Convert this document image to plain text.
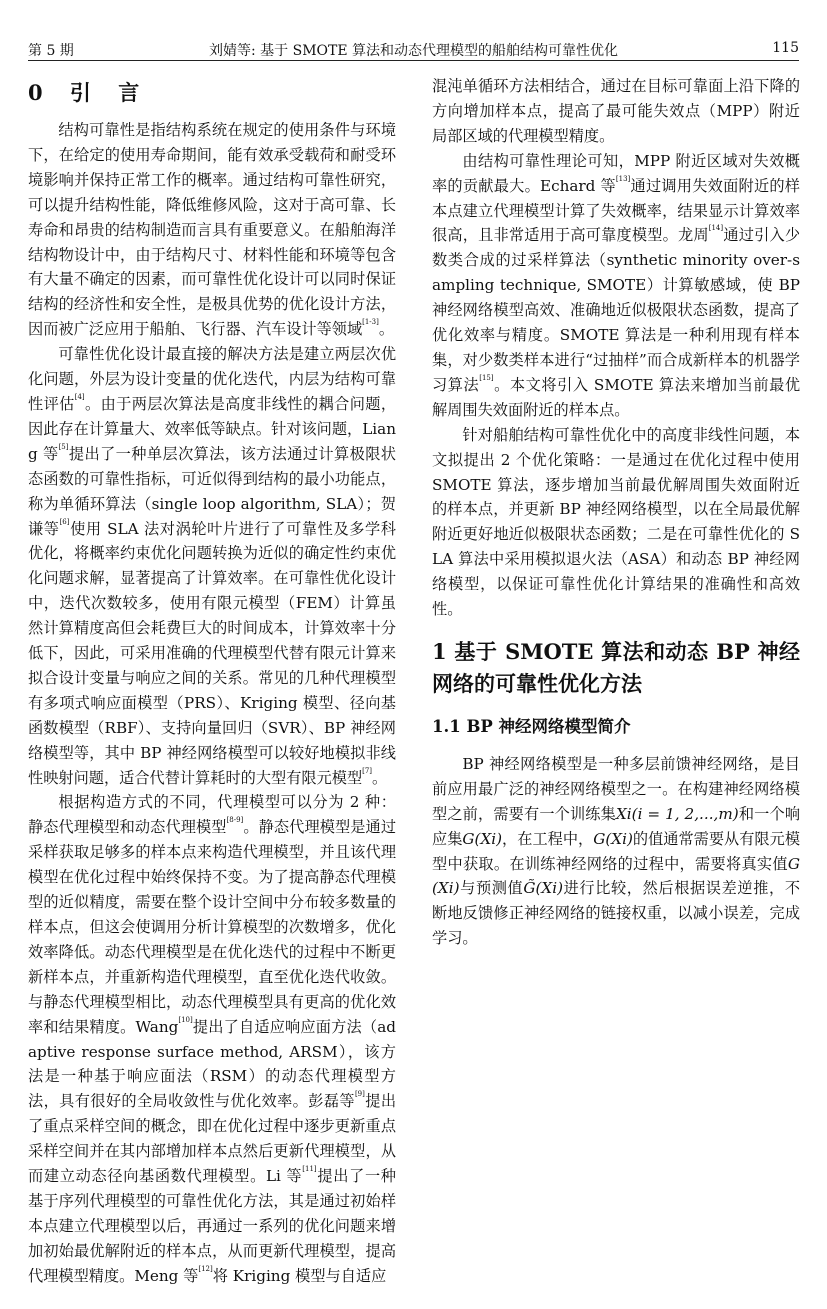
第 5 期	刘婧等: 基于 SMOTE 算法和动态代理模型的船舶结构可靠性优化	115
0 引 言

结构可靠性是指结构系统在规定的使用条件与环境下，在给定的使用寿命期间，能有效承受载荷和耐受环境影响并保持正常工作的概率。通过结构可靠性研究，可以提升结构性能，降低维修风险，这对于高可靠、长寿命和昂贵的结构制造而言具有重要意义。在船舶海洋结构物设计中，由于结构尺寸、材料性能和环境等包含有大量不确定的因素，而可靠性优化设计可以同时保证结构的经济性和安全性，是极具优势的优化设计方法，因而被广泛应用于船舶、飞行器、汽车设计等领域[1-3]。

可靠性优化设计最直接的解决方法是建立两层次优化问题，外层为设计变量的优化迭代，内层为结构可靠性评估[4]。由于两层次算法是高度非线性的耦合问题，因此存在计算量大、效率低等缺点。针对该问题，Liang 等[5]提出了一种单层次算法，该方法通过计算极限状态函数的可靠性指标，可近似得到结构的最小功能点，称为单循环算法（single loop algorithm, SLA）；贺谦等[6]使用 SLA 法对涡轮叶片进行了可靠性及多学科优化，将概率约束优化问题转换为近似的确定性约束优化问题求解，显著提高了计算效率。在可靠性优化设计中，迭代次数较多，使用有限元模型（FEM）计算虽然计算精度高但会耗费巨大的时间成本，计算效率十分低下，因此，可采用准确的代理模型代替有限元计算来拟合设计变量与响应之间的关系。常见的几种代理模型有多项式响应面模型（PRS）、Kriging 模型、径向基函数模型（RBF）、支持向量回归（SVR）、BP 神经网络模型等，其中 BP 神经网络模型可以较好地模拟非线性映射问题，适合代替计算耗时的大型有限元模型[7]。

根据构造方式的不同，代理模型可以分为 2 种：静态代理模型和动态代理模型[8-9]。静态代理模型是通过采样获取足够多的样本点来构造代理模型，并且该代理模型在优化过程中始终保持不变。为了提高静态代理模型的近似精度，需要在整个设计空间中分布较多数量的样本点，但这会使调用分析计算模型的次数增多，优化效率降低。动态代理模型是在优化迭代的过程中不断更新样本点，并重新构造代理模型，直至优化迭代收敛。与静态代理模型相比，动态代理模型具有更高的优化效率和结果精度。Wang[10]提出了自适应响应面方法（adaptive response surface method, ARSM），该方法是一种基于响应面法（RSM）的动态代理模型方法，具有很好的全局收敛性与优化效率。彭磊等[9]提出了重点采样空间的概念，即在优化过程中逐步更新重点采样空间并在其内部增加样本点然后更新代理模型，从而建立动态径向基函数代理模型。Li 等[11]提出了一种基于序列代理模型的可靠性优化方法，其是通过初始样本点建立代理模型以后，再通过一系列的优化问题来增加初始最优解附近的样本点，从而更新代理模型，提高代理模型精度。Meng 等[12]将 Kriging 模型与自适应

混沌单循环方法相结合，通过在目标可靠面上沿下降的方向增加样本点，提高了最可能失效点（MPP）附近局部区域的代理模型精度。

由结构可靠性理论可知，MPP 附近区域对失效概率的贡献最大。Echard 等[13]通过调用失效面附近的样本点建立代理模型计算了失效概率，结果显示计算效率很高，且非常适用于高可靠度模型。龙周[14]通过引入少数类合成的过采样算法（synthetic minority over-sampling technique, SMOTE）计算敏感域，使 BP 神经网络模型高效、准确地近似极限状态函数，提高了优化效率与精度。SMOTE 算法是一种利用现有样本集，对少数类样本进行“过抽样”而合成新样本的机器学习算法[15]。本文将引入 SMOTE 算法来增加当前最优解周围失效面附近的样本点。

针对船舶结构可靠性优化中的高度非线性问题，本文拟提出 2 个优化策略：一是通过在优化过程中使用 SMOTE 算法，逐步增加当前最优解周围失效面附近的样本点，并更新 BP 神经网络模型，以在全局最优解附近更好地近似极限状态函数；二是在可靠性优化的 SLA 算法中采用模拟退火法（ASA）和动态 BP 神经网络模型，以保证可靠性优化计算结果的准确性和高效性。

1 基于 SMOTE 算法和动态 BP 神经网络的可靠性优化方法
1.1 BP 神经网络模型简介

BP 神经网络模型是一种多层前馈神经网络，是目前应用最广泛的神经网络模型之一。在构建神经网络模型之前，需要有一个训练集Xi(i = 1, 2,...,m)和一个响应集G(Xi)，在工程中，G(Xi)的值通常需要从有限元模型中获取。在训练神经网络的过程中，需要将真实值G(Xi)与预测值G̃(Xi)进行比较，然后根据误差逆推，不断地反馈修正神经网络的链接权重，以减小误差，完成学习。
